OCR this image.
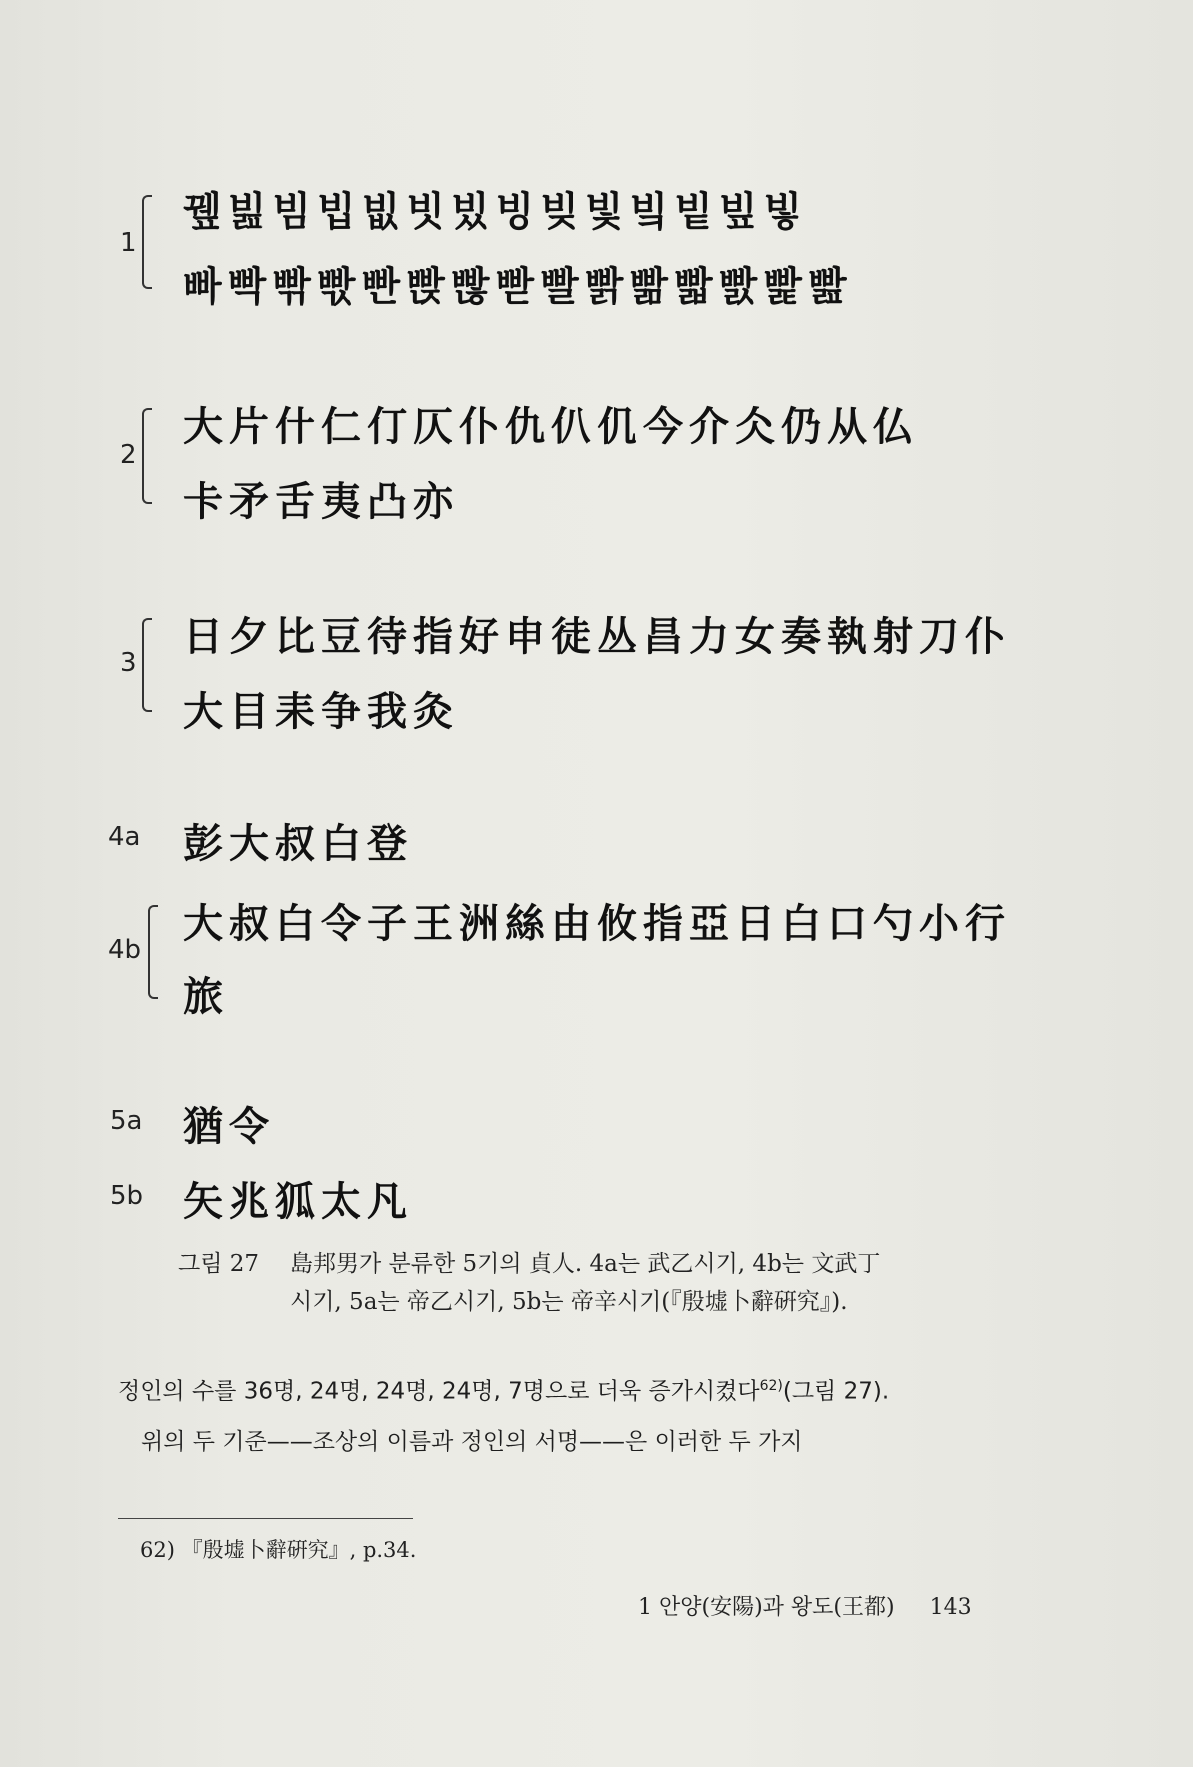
1
뀊빒빔빕빖빗빘빙빚빛빜빝빞빟
빠빡빢빣빤빥빦빧빨빩빪빫빬빭빮
2
大片什仁仃仄仆仇仈仉今介仌仍从仏
卡矛舌夷凸亦
3
日夕比豆待指好申徒丛昌力女奏執射刀仆
大目耒争我灸
4a 彭大叔白登
4b
大叔白令子王洲絲由攸指亞日白口勺小行
旅
5a 猶令
5b 矢兆狐太凡
그림 27 島邦男가 분류한 5기의 貞人. 4a는 武乙시기, 4b는 文武丁
시기, 5a는 帝乙시기, 5b는 帝辛시기(『殷墟卜辭硏究』).

정인의 수를 36명, 24명, 24명, 24명, 7명으로 더욱 증가시켰다$^{62)}$(그림 27).

위의 두 기준——조상의 이름과 정인의 서명——은 이러한 두 가지

62) 『殷墟卜辭硏究』, p.34.
1 안양(安陽)과 왕도(王都) 143
